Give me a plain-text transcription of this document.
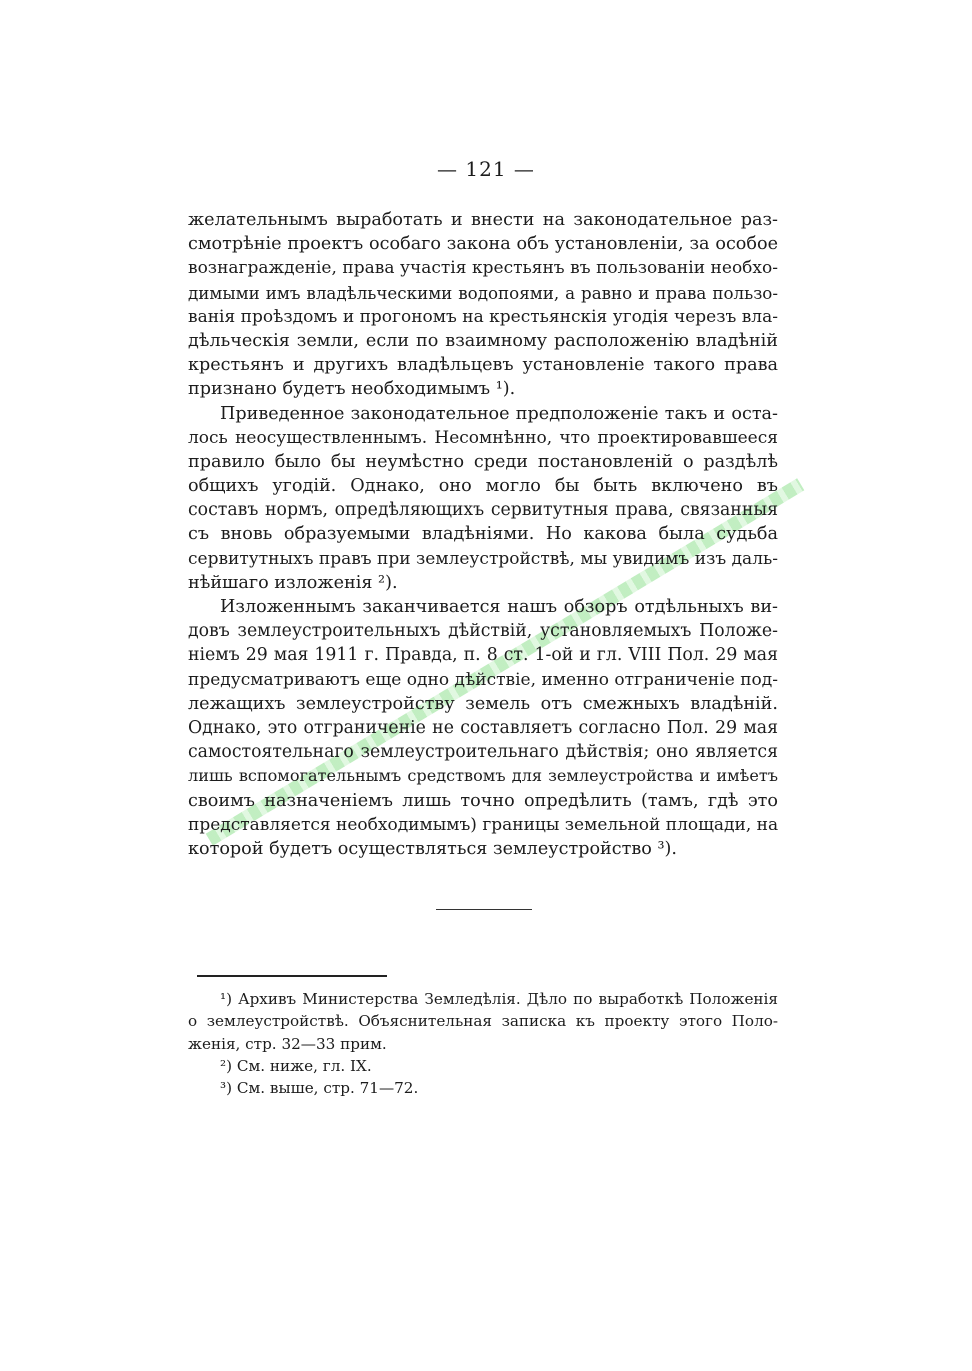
— 121 —
желательнымъ выработать и внести на законодательное раз-
смотрѣніе проектъ особаго закона объ установленіи, за особое
вознагражденіе, права участія крестьянъ въ пользованіи необхо-
димыми имъ владѣльческими водопоями, а равно и права пользо-
ванія проѣздомъ и прогономъ на крестьянскія угодія черезъ вла-
дѣльческія земли, если по взаимному расположенію владѣній
крестьянъ и другихъ владѣльцевъ установленіе такого права
признано будетъ необходимымъ ¹).
Приведенное законодательное предположеніе такъ и оста-
лось неосуществленнымъ. Несомнѣнно, что проектировавшееся
правило было бы неумѣстно среди постановленій о раздѣлѣ
общихъ угодій. Однако, оно могло бы быть включено въ
составъ нормъ, опредѣляющихъ сервитутныя права, связанныя
съ вновь образуемыми владѣніями. Но какова была судьба
сервитутныхъ правъ при землеустройствѣ, мы увидимъ изъ даль-
нѣйшаго изложенія ²).
Изложеннымъ заканчивается нашъ обзоръ отдѣльныхъ ви-
довъ землеустроительныхъ дѣйствій, установляемыхъ Положе-
ніемъ 29 мая 1911 г. Правда, п. 8 ст. 1-ой и гл. VIII Пол. 29 мая
предусматриваютъ еще одно дѣйствіе, именно отграниченіе под-
лежащихъ землеустройству земель отъ смежныхъ владѣній.
Однако, это отграниченіе не составляетъ согласно Пол. 29 мая
самостоятельнаго землеустроительнаго дѣйствія; оно является
лишь вспомогательнымъ средствомъ для землеустройства и имѣетъ
своимъ назначеніемъ лишь точно опредѣлить (тамъ, гдѣ это
представляется необходимымъ) границы земельной площади, на
которой будетъ осуществляться землеустройство ³).
¹) Архивъ Министерства Земледѣлія. Дѣло по выработкѣ Положенія
о землеустройствѣ. Объяснительная записка къ проекту этого Поло-
женія, стр. 32—33 прим.
²) См. ниже, гл. IX.
³) См. выше, стр. 71—72.
